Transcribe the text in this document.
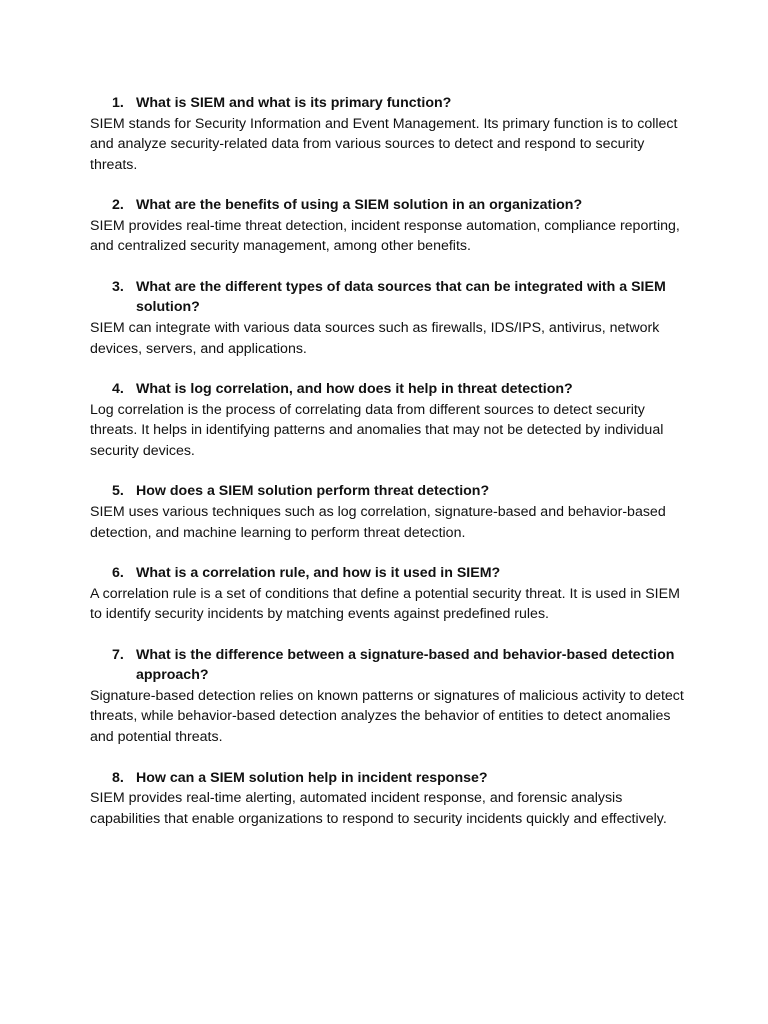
1. What is SIEM and what is its primary function?

SIEM stands for Security Information and Event Management. Its primary function is to collect and analyze security-related data from various sources to detect and respond to security threats.

2. What are the benefits of using a SIEM solution in an organization?

SIEM provides real-time threat detection, incident response automation, compliance reporting, and centralized security management, among other benefits.

3. What are the different types of data sources that can be integrated with a SIEM solution?

SIEM can integrate with various data sources such as firewalls, IDS/IPS, antivirus, network devices, servers, and applications.

4. What is log correlation, and how does it help in threat detection?

Log correlation is the process of correlating data from different sources to detect security threats. It helps in identifying patterns and anomalies that may not be detected by individual security devices.

5. How does a SIEM solution perform threat detection?

SIEM uses various techniques such as log correlation, signature-based and behavior-based detection, and machine learning to perform threat detection.

6. What is a correlation rule, and how is it used in SIEM?

A correlation rule is a set of conditions that define a potential security threat. It is used in SIEM to identify security incidents by matching events against predefined rules.

7. What is the difference between a signature-based and behavior-based detection approach?

Signature-based detection relies on known patterns or signatures of malicious activity to detect threats, while behavior-based detection analyzes the behavior of entities to detect anomalies and potential threats.

8. How can a SIEM solution help in incident response?

SIEM provides real-time alerting, automated incident response, and forensic analysis capabilities that enable organizations to respond to security incidents quickly and effectively.
